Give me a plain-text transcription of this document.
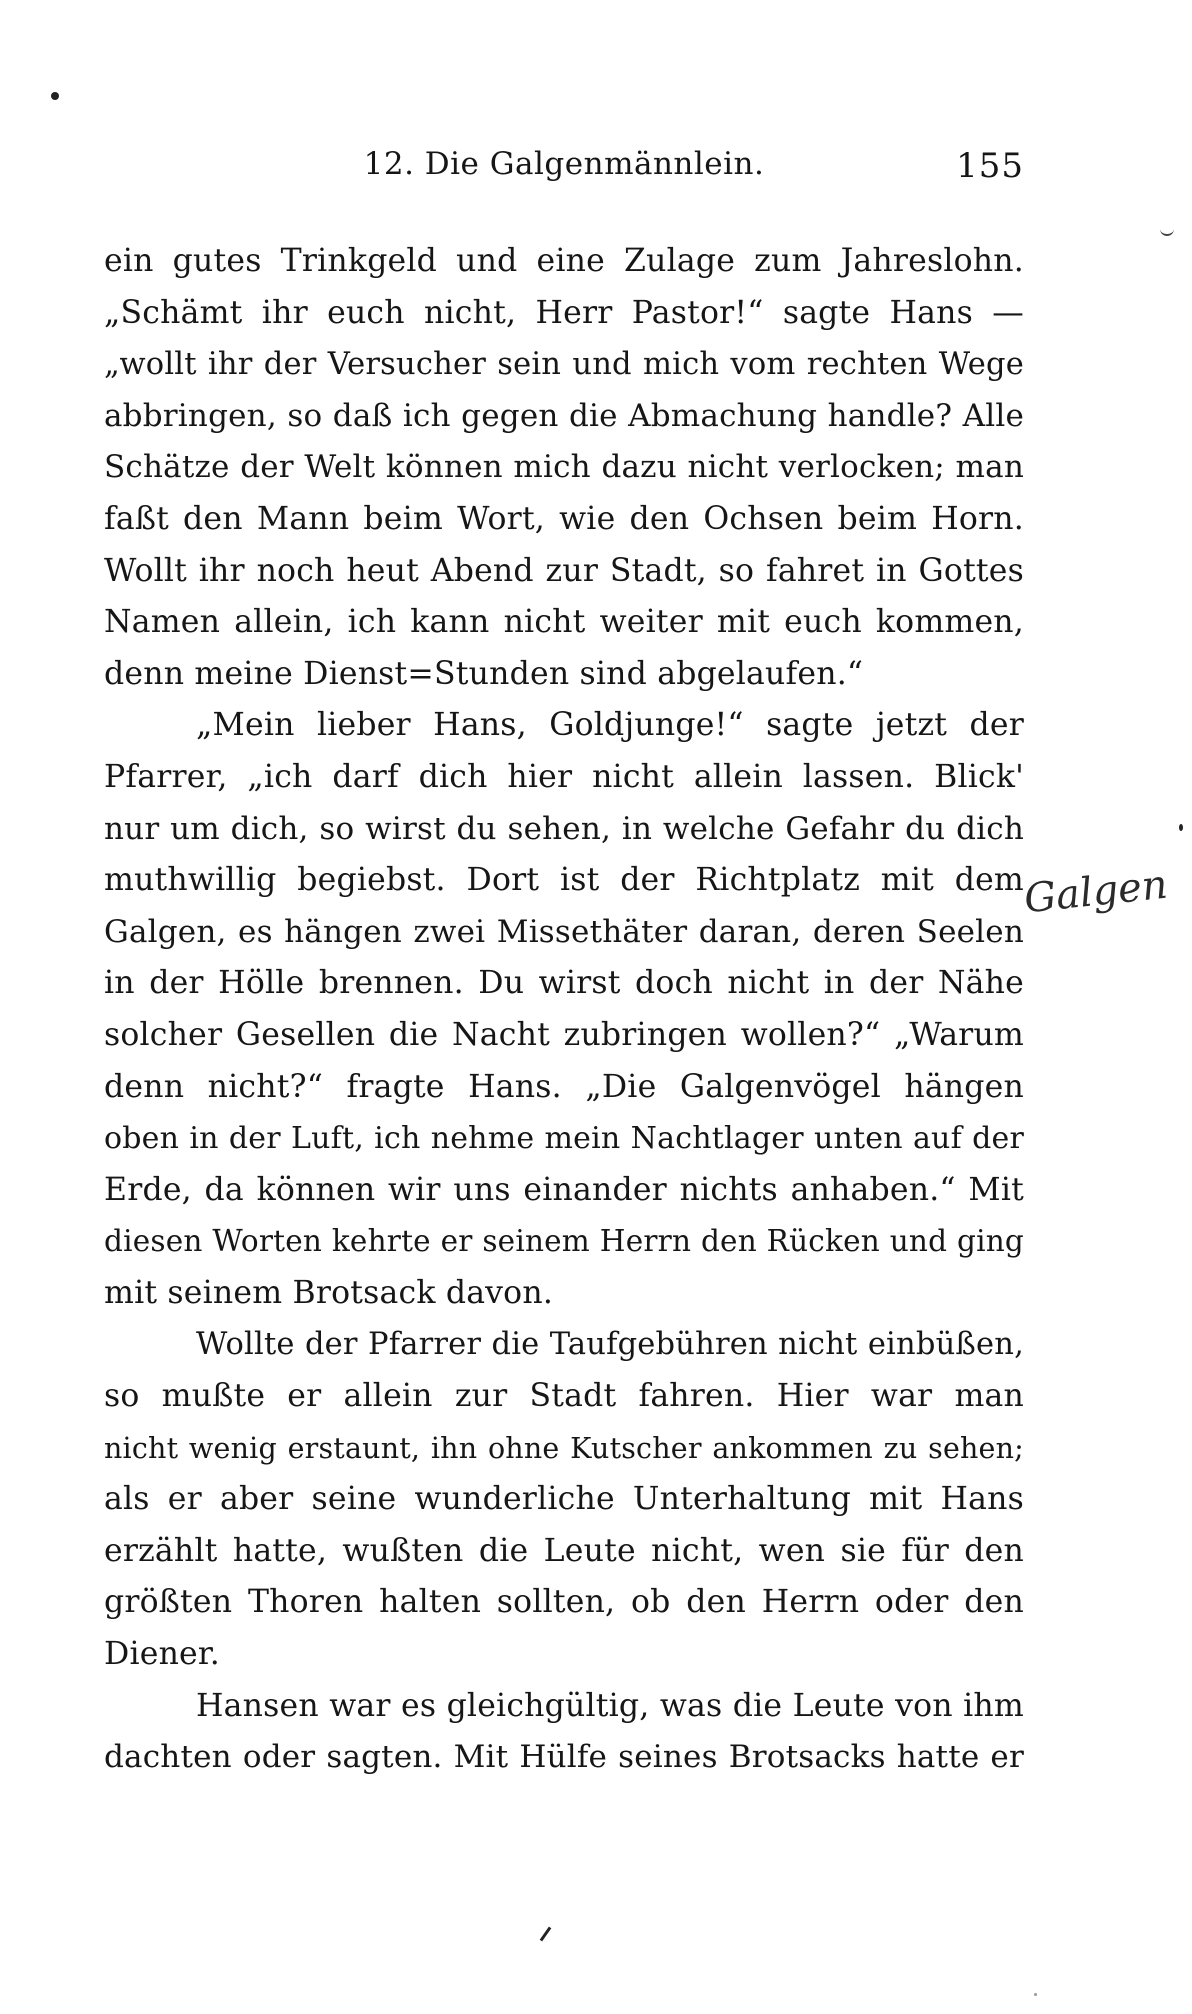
12. Die Galgenmännlein.	155
ein gutes Trinkgeld und eine Zulage zum Jahreslohn.
„Schämt ihr euch nicht, Herr Pastor!“ sagte Hans —
„wollt ihr der Versucher sein und mich vom rechten Wege
abbringen, so daß ich gegen die Abmachung handle? Alle
Schätze der Welt können mich dazu nicht verlocken; man
faßt den Mann beim Wort, wie den Ochsen beim Horn.
Wollt ihr noch heut Abend zur Stadt, so fahret in Gottes
Namen allein, ich kann nicht weiter mit euch kommen,
denn meine Dienst=Stunden sind abgelaufen.“
„Mein lieber Hans, Goldjunge!“ sagte jetzt der
Pfarrer, „ich darf dich hier nicht allein lassen. Blick'
nur um dich, so wirst du sehen, in welche Gefahr du dich
muthwillig begiebst. Dort ist der Richtplatz mit dem
Galgen, es hängen zwei Missethäter daran, deren Seelen
in der Hölle brennen. Du wirst doch nicht in der Nähe
solcher Gesellen die Nacht zubringen wollen?“ „Warum
denn nicht?“ fragte Hans. „Die Galgenvögel hängen
oben in der Luft, ich nehme mein Nachtlager unten auf der
Erde, da können wir uns einander nichts anhaben.“ Mit
diesen Worten kehrte er seinem Herrn den Rücken und ging
mit seinem Brotsack davon.
Wollte der Pfarrer die Taufgebühren nicht einbüßen,
so mußte er allein zur Stadt fahren. Hier war man
nicht wenig erstaunt, ihn ohne Kutscher ankommen zu sehen;
als er aber seine wunderliche Unterhaltung mit Hans
erzählt hatte, wußten die Leute nicht, wen sie für den
größten Thoren halten sollten, ob den Herrn oder den
Diener.
Hansen war es gleichgültig, was die Leute von ihm
dachten oder sagten. Mit Hülfe seines Brotsacks hatte er
Galgen
